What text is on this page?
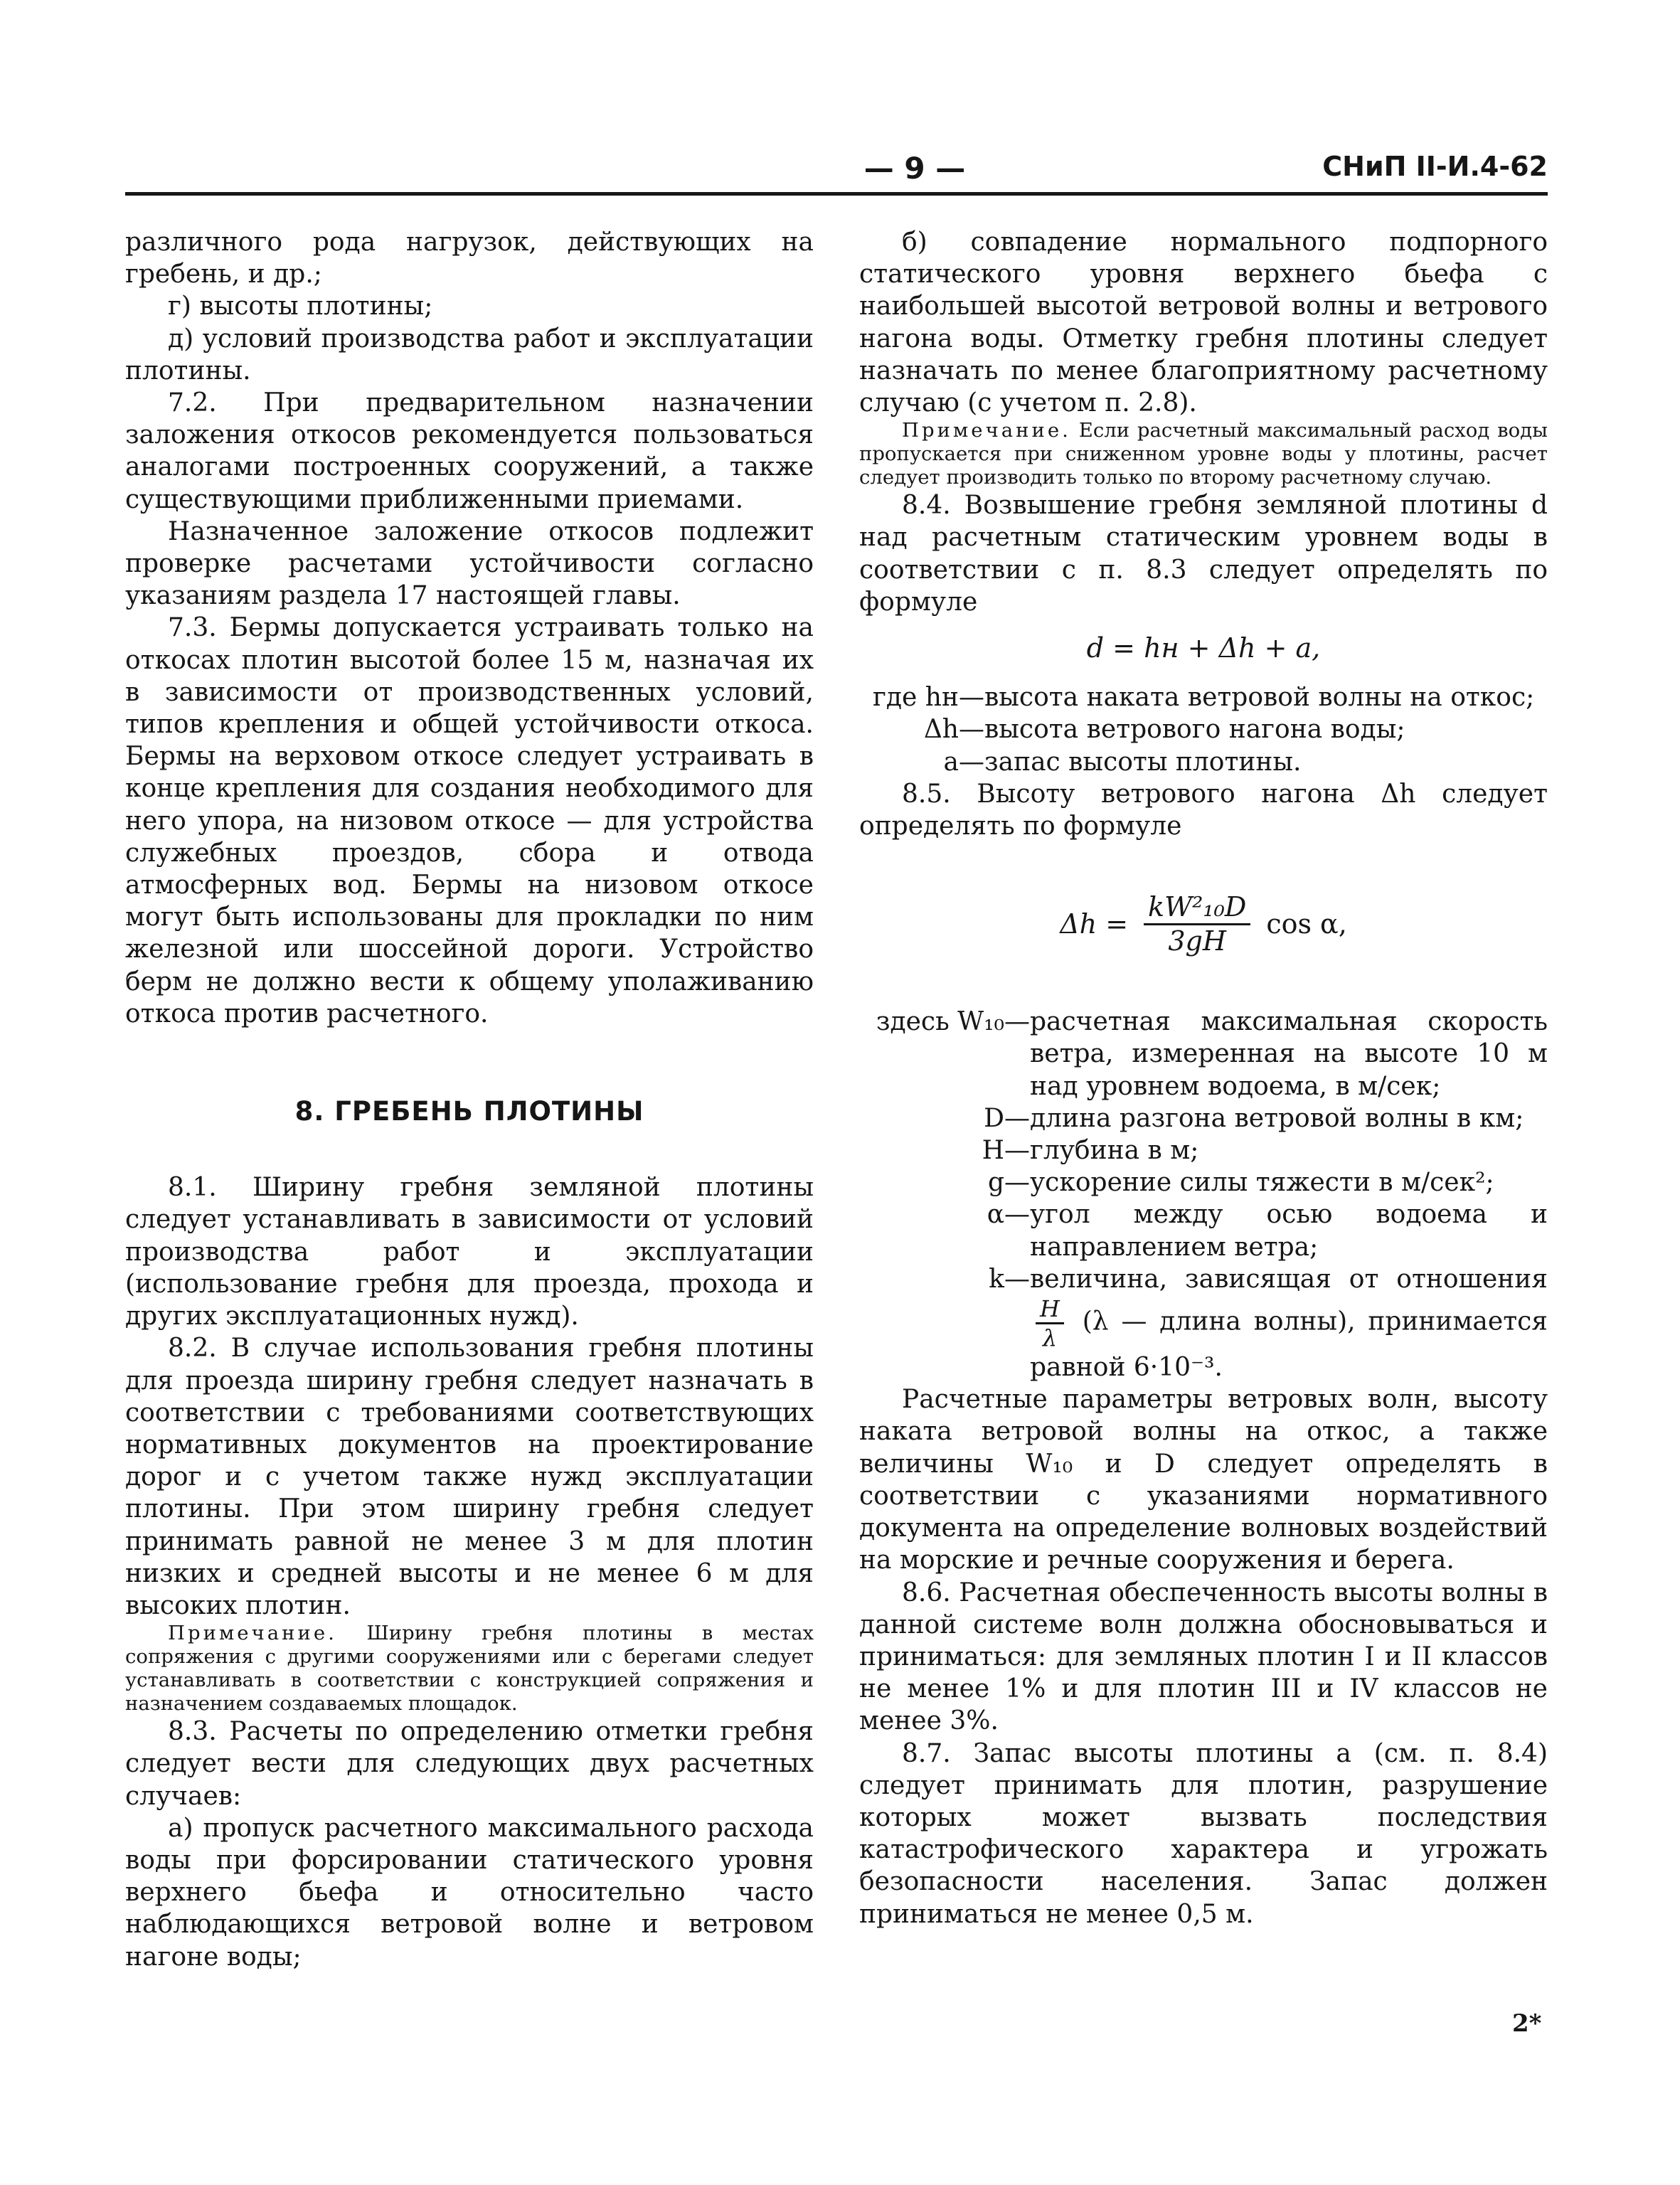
— 9 —	СНиП II-И.4-62

различного рода нагрузок, действующих на гребень, и др.;

г) высоты плотины;

д) условий производства работ и эксплуатации плотины.

7.2. При предварительном назначении заложения откосов рекомендуется пользоваться аналогами построенных сооружений, а также существующими приближенными приемами.

Назначенное заложение откосов подлежит проверке расчетами устойчивости согласно указаниям раздела 17 настоящей главы.

7.3. Бермы допускается устраивать только на откосах плотин высотой более 15 м, назначая их в зависимости от производственных условий, типов крепления и общей устойчивости откоса. Бермы на верховом откосе следует устраивать в конце крепления для создания необходимого для него упора, на низовом откосе — для устройства служебных проездов, сбора и отвода атмосферных вод. Бермы на низовом откосе могут быть использованы для прокладки по ним железной или шоссейной дороги. Устройство берм не должно вести к общему уполаживанию откоса против расчетного.

8. ГРЕБЕНЬ ПЛОТИНЫ

8.1. Ширину гребня земляной плотины следует устанавливать в зависимости от условий производства работ и эксплуатации (использование гребня для проезда, прохода и других эксплуатационных нужд).

8.2. В случае использования гребня плотины для проезда ширину гребня следует назначать в соответствии с требованиями соответствующих нормативных документов на проектирование дорог и с учетом также нужд эксплуатации плотины. При этом ширину гребня следует принимать равной не менее 3 м для плотин низких и средней высоты и не менее 6 м для высоких плотин.

Примечание. Ширину гребня плотины в местах сопряжения с другими сооружениями или с берегами следует устанавливать в соответствии с конструкцией сопряжения и назначением создаваемых площадок.

8.3. Расчеты по определению отметки гребня следует вести для следующих двух расчетных случаев:

а) пропуск расчетного максимального расхода воды при форсировании статического уровня верхнего бьефа и относительно часто наблюдающихся ветровой волне и ветровом нагоне воды;

б) совпадение нормального подпорного статического уровня верхнего бьефа с наибольшей высотой ветровой волны и ветрового нагона воды. Отметку гребня плотины следует назначать по менее благоприятному расчетному случаю (с учетом п. 2.8).

Примечание. Если расчетный максимальный расход воды пропускается при сниженном уровне воды у плотины, расчет следует производить только по второму расчетному случаю.

8.4. Возвышение гребня земляной плотины d над расчетным статическим уровнем воды в соответствии с п. 8.3 следует определять по формуле

d = hн + Δh + a,
где hн— высота наката ветровой волны на откос;
Δh— высота ветрового нагона воды;
a— запас высоты плотины.

8.5. Высоту ветрового нагона Δh следует определять по формуле

$\Delta h = \frac{\text{kW²₁₀D}}{3gH}$ cos α,
здесь W₁₀— расчетная максимальная скорость ветра, измеренная на высоте 10 м над уровнем водоема, в м/сек;
D— длина разгона ветровой волны в км;
H— глубина в м;
g— ускорение силы тяжести в м/сек²;
α— угол между осью водоема и направлением ветра;
k— величина, зависящая от отношения
$\frac{H}{\lambda} (\lambda$ — длина волны), принимается равной 6·10⁻³.

Расчетные параметры ветровых волн, высоту наката ветровой волны на откос, а также величины W₁₀ и D следует определять в соответствии с указаниями нормативного документа на определение волновых воздействий на морские и речные сооружения и берега.

8.6. Расчетная обеспеченность высоты волны в данной системе волн должна обосновываться и приниматься: для земляных плотин I и II классов не менее 1% и для плотин III и IV классов не менее 3%.

8.7. Запас высоты плотины a (см. п. 8.4) следует принимать для плотин, разрушение которых может вызвать последствия катастрофического характера и угрожать безопасности населения. Запас должен приниматься не менее 0,5 м.

2*
